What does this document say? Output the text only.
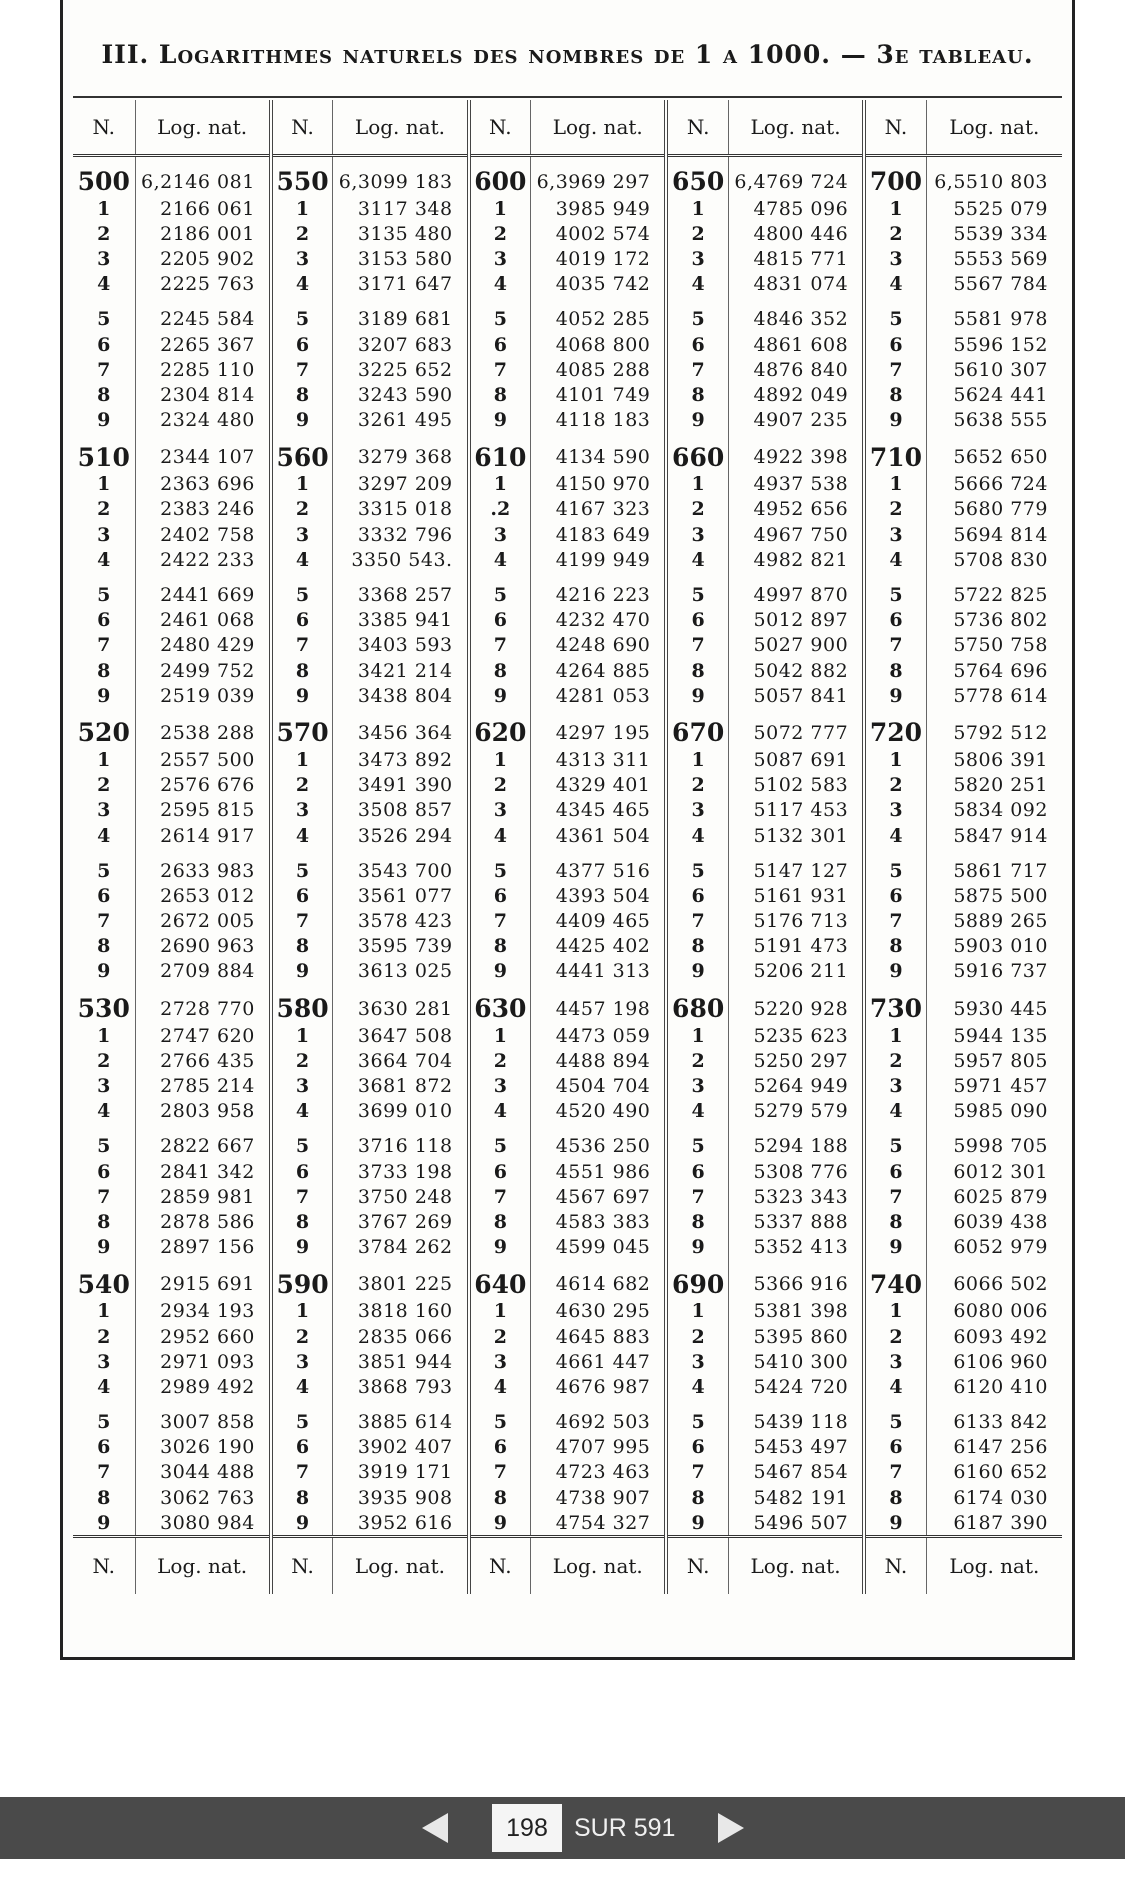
III. Logarithmes naturels des nombres de 1 a 1000. — 3e tableau.
N.	Log. nat.	N.	Log. nat.	N.	Log. nat.	N.	Log. nat.	N.	Log. nat.
500	6,2146 081	550	6,3099 183	600	6,3969 297	650	6,4769 724	700	6,5510 803
1	2166 061	1	3117 348	1	3985 949	1	4785 096	1	5525 079
2	2186 001	2	3135 480	2	4002 574	2	4800 446	2	5539 334
3	2205 902	3	3153 580	3	4019 172	3	4815 771	3	5553 569
4	2225 763	4	3171 647	4	4035 742	4	4831 074	4	5567 784
5	2245 584	5	3189 681	5	4052 285	5	4846 352	5	5581 978
6	2265 367	6	3207 683	6	4068 800	6	4861 608	6	5596 152
7	2285 110	7	3225 652	7	4085 288	7	4876 840	7	5610 307
8	2304 814	8	3243 590	8	4101 749	8	4892 049	8	5624 441
9	2324 480	9	3261 495	9	4118 183	9	4907 235	9	5638 555
510	2344 107	560	3279 368	610	4134 590	660	4922 398	710	5652 650
1	2363 696	1	3297 209	1	4150 970	1	4937 538	1	5666 724
2	2383 246	2	3315 018	.2	4167 323	2	4952 656	2	5680 779
3	2402 758	3	3332 796	3	4183 649	3	4967 750	3	5694 814
4	2422 233	4	3350 543.	4	4199 949	4	4982 821	4	5708 830
5	2441 669	5	3368 257	5	4216 223	5	4997 870	5	5722 825
6	2461 068	6	3385 941	6	4232 470	6	5012 897	6	5736 802
7	2480 429	7	3403 593	7	4248 690	7	5027 900	7	5750 758
8	2499 752	8	3421 214	8	4264 885	8	5042 882	8	5764 696
9	2519 039	9	3438 804	9	4281 053	9	5057 841	9	5778 614
520	2538 288	570	3456 364	620	4297 195	670	5072 777	720	5792 512
1	2557 500	1	3473 892	1	4313 311	1	5087 691	1	5806 391
2	2576 676	2	3491 390	2	4329 401	2	5102 583	2	5820 251
3	2595 815	3	3508 857	3	4345 465	3	5117 453	3	5834 092
4	2614 917	4	3526 294	4	4361 504	4	5132 301	4	5847 914
5	2633 983	5	3543 700	5	4377 516	5	5147 127	5	5861 717
6	2653 012	6	3561 077	6	4393 504	6	5161 931	6	5875 500
7	2672 005	7	3578 423	7	4409 465	7	5176 713	7	5889 265
8	2690 963	8	3595 739	8	4425 402	8	5191 473	8	5903 010
9	2709 884	9	3613 025	9	4441 313	9	5206 211	9	5916 737
530	2728 770	580	3630 281	630	4457 198	680	5220 928	730	5930 445
1	2747 620	1	3647 508	1	4473 059	1	5235 623	1	5944 135
2	2766 435	2	3664 704	2	4488 894	2	5250 297	2	5957 805
3	2785 214	3	3681 872	3	4504 704	3	5264 949	3	5971 457
4	2803 958	4	3699 010	4	4520 490	4	5279 579	4	5985 090
5	2822 667	5	3716 118	5	4536 250	5	5294 188	5	5998 705
6	2841 342	6	3733 198	6	4551 986	6	5308 776	6	6012 301
7	2859 981	7	3750 248	7	4567 697	7	5323 343	7	6025 879
8	2878 586	8	3767 269	8	4583 383	8	5337 888	8	6039 438
9	2897 156	9	3784 262	9	4599 045	9	5352 413	9	6052 979
540	2915 691	590	3801 225	640	4614 682	690	5366 916	740	6066 502
1	2934 193	1	3818 160	1	4630 295	1	5381 398	1	6080 006
2	2952 660	2	2835 066	2	4645 883	2	5395 860	2	6093 492
3	2971 093	3	3851 944	3	4661 447	3	5410 300	3	6106 960
4	2989 492	4	3868 793	4	4676 987	4	5424 720	4	6120 410
5	3007 858	5	3885 614	5	4692 503	5	5439 118	5	6133 842
6	3026 190	6	3902 407	6	4707 995	6	5453 497	6	6147 256
7	3044 488	7	3919 171	7	4723 463	7	5467 854	7	6160 652
8	3062 763	8	3935 908	8	4738 907	8	5482 191	8	6174 030
9	3080 984	9	3952 616	9	4754 327	9	5496 507	9	6187 390
N.	Log. nat.	N.	Log. nat.	N.	Log. nat.	N.	Log. nat.	N.	Log. nat.
198
SUR 591
